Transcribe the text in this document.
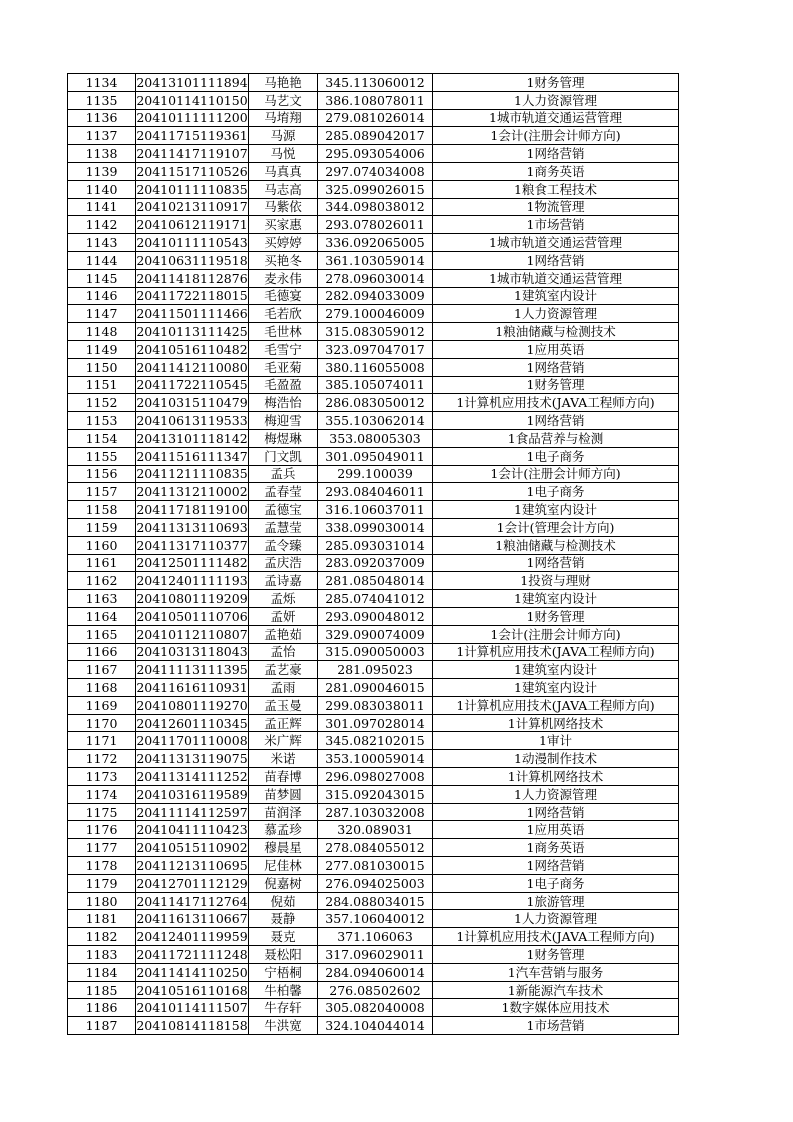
1134	20413101111894	马艳艳	345.113060012	1财务管理
1135	20410114110150	马艺文	386.108078011	1人力资源管理
1136	20410111111200	马堉翔	279.081026014	1城市轨道交通运营管理
1137	20411715119361	马源	285.089042017	1会计(注册会计师方向)
1138	20411417119107	马悦	295.093054006	1网络营销
1139	20411517110526	马真真	297.074034008	1商务英语
1140	20410111110835	马志高	325.099026015	1粮食工程技术
1141	20410213110917	马紫依	344.098038012	1物流管理
1142	20410612119171	买家惠	293.078026011	1市场营销
1143	20410111110543	买婷婷	336.092065005	1城市轨道交通运营管理
1144	20410631119518	买艳冬	361.103059014	1网络营销
1145	20411418112876	麦永伟	278.096030014	1城市轨道交通运营管理
1146	20411722118015	毛德宴	282.094033009	1建筑室内设计
1147	20411501111466	毛若欣	279.100046009	1人力资源管理
1148	20410113111425	毛世林	315.083059012	1粮油储藏与检测技术
1149	20410516110482	毛雪宁	323.097047017	1应用英语
1150	20411412110080	毛亚菊	380.116055008	1网络营销
1151	20411722110545	毛盈盈	385.105074011	1财务管理
1152	20410315110479	梅浩怡	286.083050012	1计算机应用技术(JAVA工程师方向)
1153	20410613119533	梅迎雪	355.103062014	1网络营销
1154	20413101118142	梅煜琳	353.08005303	1食品营养与检测
1155	20411516111347	门文凯	301.095049011	1电子商务
1156	20411211110835	孟兵	299.100039	1会计(注册会计师方向)
1157	20411312110002	孟春莹	293.084046011	1电子商务
1158	20411718119100	孟德宝	316.106037011	1建筑室内设计
1159	20411313110693	孟慧莹	338.099030014	1会计(管理会计方向)
1160	20411317110377	孟令臻	285.093031014	1粮油储藏与检测技术
1161	20412501111482	孟庆浩	283.092037009	1网络营销
1162	20412401111193	孟诗嘉	281.085048014	1投资与理财
1163	20410801119209	孟烁	285.074041012	1建筑室内设计
1164	20410501110706	孟妍	293.090048012	1财务管理
1165	20410112110807	孟艳茹	329.090074009	1会计(注册会计师方向)
1166	20410313118043	孟怡	315.090050003	1计算机应用技术(JAVA工程师方向)
1167	20411113111395	孟艺豪	281.095023	1建筑室内设计
1168	20411616110931	孟雨	281.090046015	1建筑室内设计
1169	20410801119270	孟玉曼	299.083038011	1计算机应用技术(JAVA工程师方向)
1170	20412601110345	孟正辉	301.097028014	1计算机网络技术
1171	20411701110008	米广辉	345.082102015	1审计
1172	20411313119075	米诺	353.100059014	1动漫制作技术
1173	20411314111252	苗春博	296.098027008	1计算机网络技术
1174	20410316119589	苗梦圆	315.092043015	1人力资源管理
1175	20411114112597	苗润泽	287.103032008	1网络营销
1176	20410411110423	慕孟珍	320.089031	1应用英语
1177	20410515110902	穆晨星	278.084055012	1商务英语
1178	20411213110695	尼佳林	277.081030015	1网络营销
1179	20412701112129	倪嘉树	276.094025003	1电子商务
1180	20411417112764	倪茹	284.088034015	1旅游管理
1181	20411613110667	聂静	357.106040012	1人力资源管理
1182	20412401119959	聂克	371.106063	1计算机应用技术(JAVA工程师方向)
1183	20411721111248	聂松阳	317.096029011	1财务管理
1184	20411414110250	宁梧桐	284.094060014	1汽车营销与服务
1185	20410516110168	牛柏馨	276.08502602	1新能源汽车技术
1186	20410114111507	牛存轩	305.082040008	1数字媒体应用技术
1187	20410814118158	牛洪宽	324.104044014	1市场营销
